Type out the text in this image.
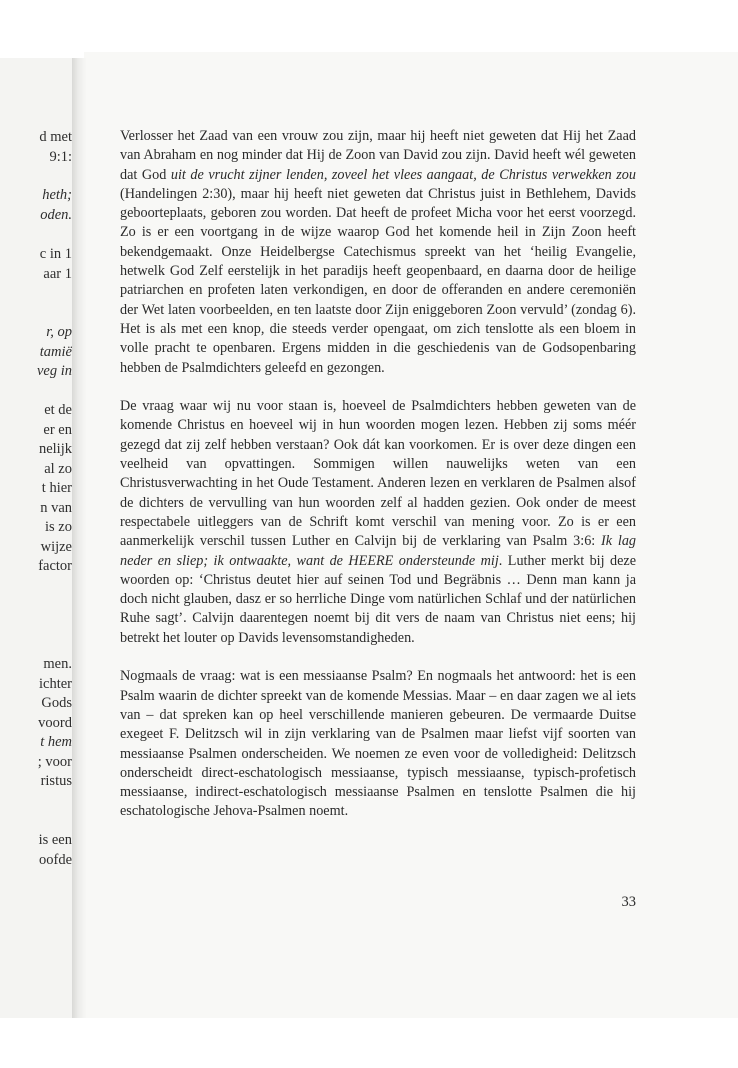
d met
9:1:
heth;
oden.
c in 1
aar 1
r, op
tamië
veg in
et de
er en
nelijk
al zo
t hier
n van
is zo
wijze
factor
men.
ichter
Gods
voord
t hem
; voor
ristus
is een
oofde

Verlosser het Zaad van een vrouw zou zijn, maar hij heeft niet geweten dat Hij het Zaad van Abraham en nog minder dat Hij de Zoon van David zou zijn. David heeft wél geweten dat God uit de vrucht zijner lenden, zoveel het vlees aangaat, de Christus verwekken zou (Handelingen 2:30), maar hij heeft niet geweten dat Christus juist in Bethlehem, Davids geboorteplaats, geboren zou worden. Dat heeft de profeet Micha voor het eerst voorzegd. Zo is er een voortgang in de wijze waarop God het komende heil in Zijn Zoon heeft bekendgemaakt. Onze Heidelbergse Catechismus spreekt van het ‘heilig Evangelie, hetwelk God Zelf eerstelijk in het paradijs heeft geopenbaard, en daarna door de heilige patriarchen en profeten laten verkondigen, en door de offeranden en andere ceremoniën der Wet laten voorbeelden, en ten laatste door Zijn eniggeboren Zoon vervuld’ (zondag 6). Het is als met een knop, die steeds verder opengaat, om zich tenslotte als een bloem in volle pracht te openbaren. Ergens midden in die geschiedenis van de Godsopenbaring hebben de Psalmdichters geleefd en gezongen.

De vraag waar wij nu voor staan is, hoeveel de Psalmdichters hebben geweten van de komende Christus en hoeveel wij in hun woorden mogen lezen. Hebben zij soms méér gezegd dat zij zelf hebben verstaan? Ook dát kan voorkomen. Er is over deze dingen een veelheid van opvattingen. Sommigen willen nauwelijks weten van een Christusverwachting in het Oude Testament. Anderen lezen en verklaren de Psalmen alsof de dichters de vervulling van hun woorden zelf al hadden gezien. Ook onder de meest respectabele uitleggers van de Schrift komt verschil van mening voor. Zo is er een aanmerkelijk verschil tussen Luther en Calvijn bij de verklaring van Psalm 3:6: Ik lag neder en sliep; ik ontwaakte, want de HEERE ondersteunde mij. Luther merkt bij deze woorden op: ‘Christus deutet hier auf seinen Tod und Begräbnis … Denn man kann ja doch nicht glauben, dasz er so herrliche Dinge vom natürlichen Schlaf und der natürlichen Ruhe sagt’. Calvijn daarentegen noemt bij dit vers de naam van Christus niet eens; hij betrekt het louter op Davids levensomstandigheden.

Nogmaals de vraag: wat is een messiaanse Psalm? En nogmaals het antwoord: het is een Psalm waarin de dichter spreekt van de komende Messias. Maar – en daar zagen we al iets van – dat spreken kan op heel verschillende manieren gebeuren. De vermaarde Duitse exegeet F. Delitzsch wil in zijn verklaring van de Psalmen maar liefst vijf soorten van messiaanse Psalmen onderscheiden. We noemen ze even voor de volledigheid: Delitzsch onderscheidt direct-eschatologisch messiaanse, typisch messiaanse, typisch-profetisch messiaanse, indirect-eschatologisch messiaanse Psalmen en tenslotte Psalmen die hij eschatologische Jehova-Psalmen noemt.

33
